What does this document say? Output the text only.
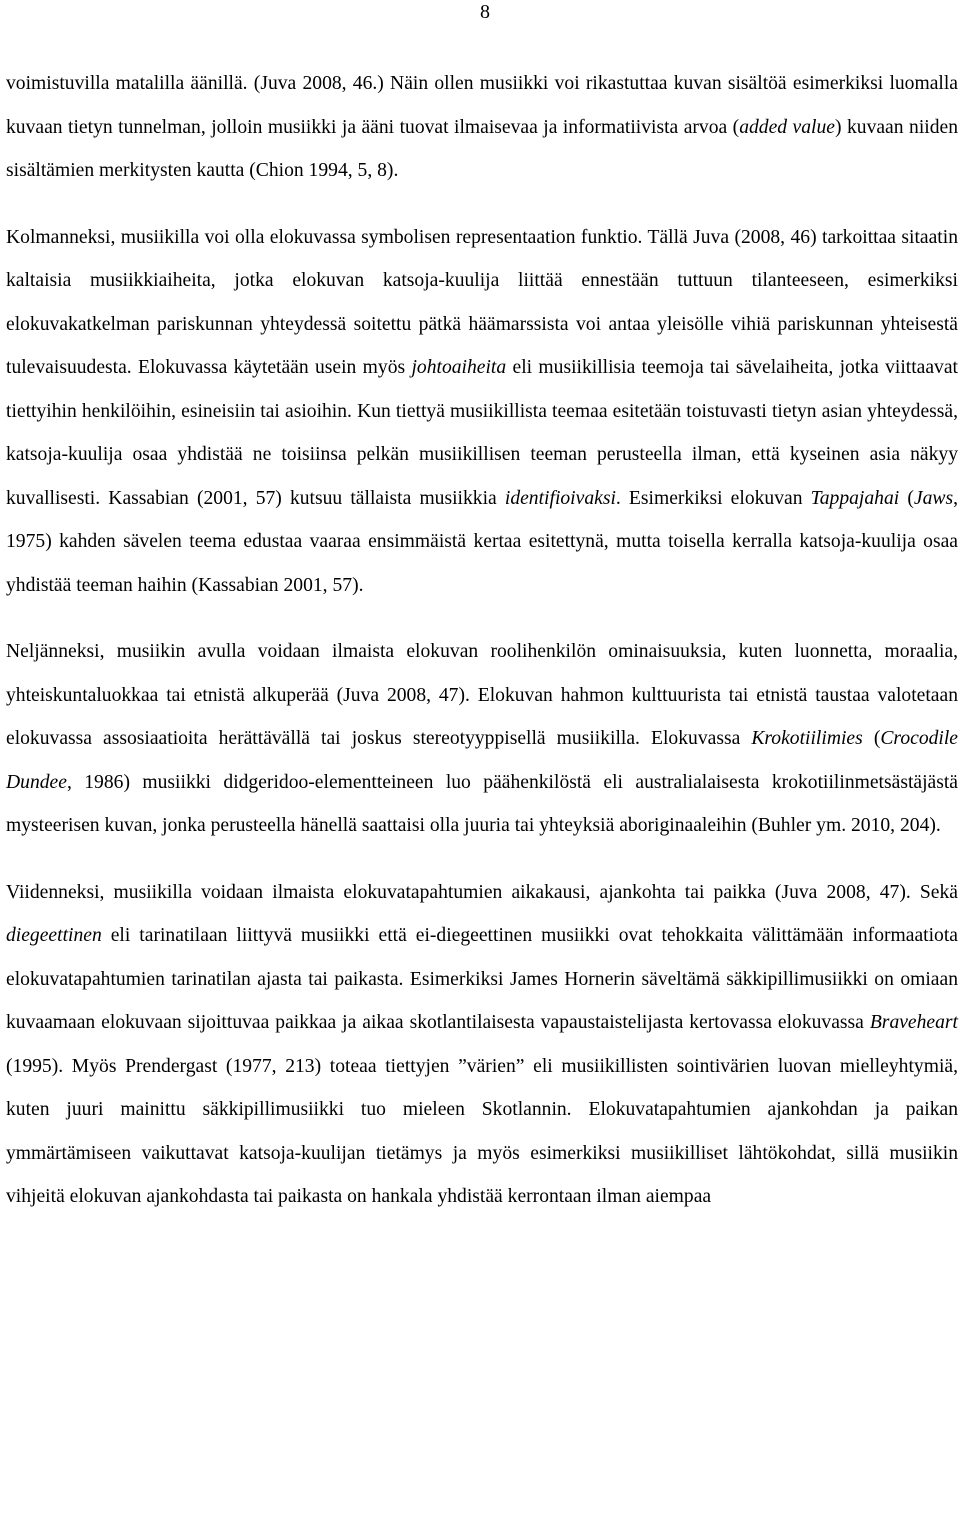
8

voimistuvilla matalilla äänillä. (Juva 2008, 46.) Näin ollen musiikki voi rikastuttaa kuvan sisältöä esimerkiksi luomalla kuvaan tietyn tunnelman, jolloin musiikki ja ääni tuovat ilmaisevaa ja informatiivista arvoa (added value) kuvaan niiden sisältämien merkitysten kautta (Chion 1994, 5, 8).

Kolmanneksi, musiikilla voi olla elokuvassa symbolisen representaation funktio. Tällä Juva (2008, 46) tarkoittaa sitaatin kaltaisia musiikkiaiheita, jotka elokuvan katsoja-kuulija liittää ennestään tuttuun tilanteeseen, esimerkiksi elokuvakatkelman pariskunnan yhteydessä soitettu pätkä häämarssista voi antaa yleisölle vihiä pariskunnan yhteisestä tulevaisuudesta. Elokuvassa käytetään usein myös johtoaiheita eli musiikillisia teemoja tai sävelaiheita, jotka viittaavat tiettyihin henkilöihin, esineisiin tai asioihin. Kun tiettyä musiikillista teemaa esitetään toistuvasti tietyn asian yhteydessä, katsoja-kuulija osaa yhdistää ne toisiinsa pelkän musiikillisen teeman perusteella ilman, että kyseinen asia näkyy kuvallisesti. Kassabian (2001, 57) kutsuu tällaista musiikkia identifioivaksi. Esimerkiksi elokuvan Tappajahai (Jaws, 1975) kahden sävelen teema edustaa vaaraa ensimmäistä kertaa esitettynä, mutta toisella kerralla katsoja-kuulija osaa yhdistää teeman haihin (Kassabian 2001, 57).

Neljänneksi, musiikin avulla voidaan ilmaista elokuvan roolihenkilön ominaisuuksia, kuten luonnetta, moraalia, yhteiskuntaluokkaa tai etnistä alkuperää (Juva 2008, 47). Elokuvan hahmon kulttuurista tai etnistä taustaa valotetaan elokuvassa assosiaatioita herättävällä tai joskus stereotyyppisellä musiikilla. Elokuvassa Krokotiilimies (Crocodile Dundee, 1986) musiikki didgeridoo-elementteineen luo päähenkilöstä eli australialaisesta krokotiilinmetsästäjästä mysteerisen kuvan, jonka perusteella hänellä saattaisi olla juuria tai yhteyksiä aboriginaaleihin (Buhler ym. 2010, 204).

Viidenneksi, musiikilla voidaan ilmaista elokuvatapahtumien aikakausi, ajankohta tai paikka (Juva 2008, 47). Sekä diegeettinen eli tarinatilaan liittyvä musiikki että ei-diegeettinen musiikki ovat tehokkaita välittämään informaatiota elokuvatapahtumien tarinatilan ajasta tai paikasta. Esimerkiksi James Hornerin säveltämä säkkipillimusiikki on omiaan kuvaamaan elokuvaan sijoittuvaa paikkaa ja aikaa skotlantilaisesta vapaustaistelijasta kertovassa elokuvassa Braveheart (1995). Myös Prendergast (1977, 213) toteaa tiettyjen ”värien” eli musiikillisten sointivärien luovan mielleyhtymiä, kuten juuri mainittu säkkipillimusiikki tuo mieleen Skotlannin. Elokuvatapahtumien ajankohdan ja paikan ymmärtämiseen vaikuttavat katsoja-kuulijan tietämys ja myös esimerkiksi musiikilliset lähtökohdat, sillä musiikin vihjeitä elokuvan ajankohdasta tai paikasta on hankala yhdistää kerrontaan ilman aiempaa
